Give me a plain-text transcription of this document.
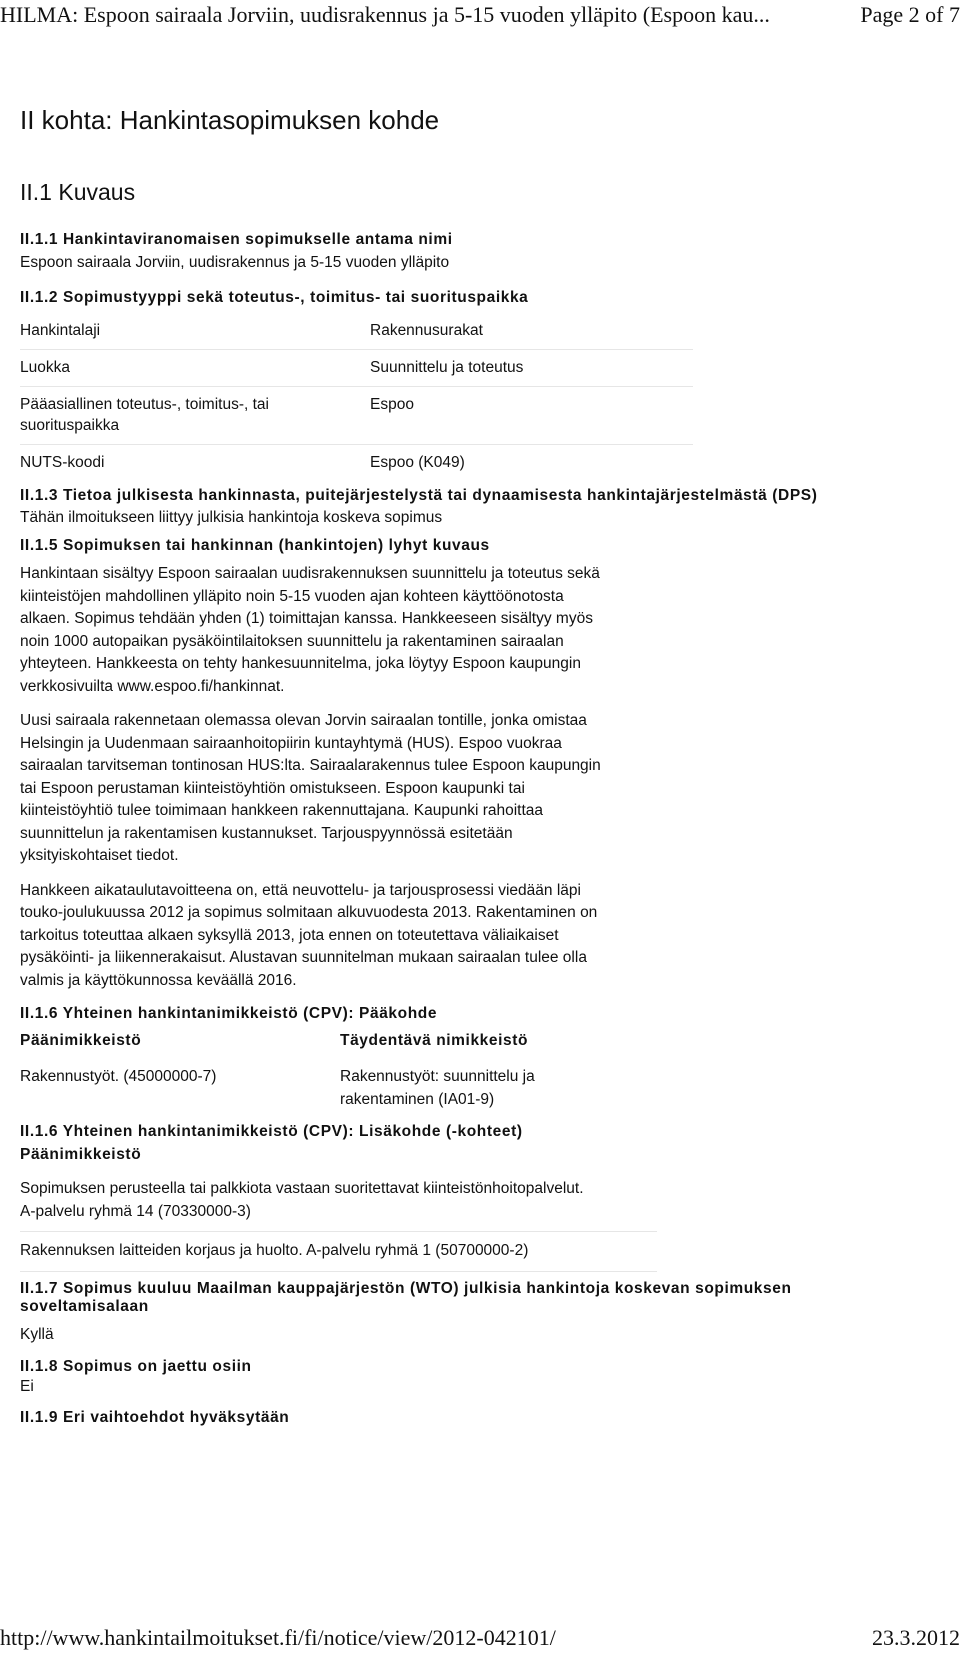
HILMA: Espoon sairaala Jorviin, uudisrakennus ja 5-15 vuoden ylläpito (Espoon kau...	Page 2 of 7
II kohta: Hankintasopimuksen kohde
II.1 Kuvaus

II.1.1 Hankintaviranomaisen sopimukselle antama nimi

Espoon sairaala Jorviin, uudisrakennus ja 5-15 vuoden ylläpito

II.1.2 Sopimustyyppi sekä toteutus-, toimitus- tai suorituspaikka

Hankintalaji	Rakennusurakat
Luokka	Suunnittelu ja toteutus
Pääasiallinen toteutus-, toimitus-, tai suorituspaikka	Espoo
NUTS-koodi	Espoo (K049)

II.1.3 Tietoa julkisesta hankinnasta, puitejärjestelystä tai dynaamisesta hankintajärjestelmästä (DPS)

Tähän ilmoitukseen liittyy julkisia hankintoja koskeva sopimus

II.1.5 Sopimuksen tai hankinnan (hankintojen) lyhyt kuvaus

Hankintaan sisältyy Espoon sairaalan uudisrakennuksen suunnittelu ja toteutus sekä
kiinteistöjen mahdollinen ylläpito noin 5-15 vuoden ajan kohteen käyttöönotosta
alkaen. Sopimus tehdään yhden (1) toimittajan kanssa. Hankkeeseen sisältyy myös
noin 1000 autopaikan pysäköintilaitoksen suunnittelu ja rakentaminen sairaalan
yhteyteen. Hankkeesta on tehty hankesuunnitelma, joka löytyy Espoon kaupungin
verkkosivuilta www.espoo.fi/hankinnat.
Uusi sairaala rakennetaan olemassa olevan Jorvin sairaalan tontille, jonka omistaa
Helsingin ja Uudenmaan sairaanhoitopiirin kuntayhtymä (HUS). Espoo vuokraa
sairaalan tarvitseman tontinosan HUS:lta. Sairaalarakennus tulee Espoon kaupungin
tai Espoon perustaman kiinteistöyhtiön omistukseen. Espoon kaupunki tai
kiinteistöyhtiö tulee toimimaan hankkeen rakennuttajana. Kaupunki rahoittaa
suunnittelun ja rakentamisen kustannukset. Tarjouspyynnössä esitetään
yksityiskohtaiset tiedot.
Hankkeen aikataulutavoitteena on, että neuvottelu- ja tarjousprosessi viedään läpi
touko-joulukuussa 2012 ja sopimus solmitaan alkuvuodesta 2013. Rakentaminen on
tarkoitus toteuttaa alkaen syksyllä 2013, jota ennen on toteutettava väliaikaiset
pysäköinti- ja liikennerakaisut. Alustavan suunnitelman mukaan sairaalan tulee olla
valmis ja käyttökunnossa keväällä 2016.

II.1.6 Yhteinen hankintanimikkeistö (CPV): Pääkohde

Päänimikkeistö	Täydentävä nimikkeistö
Rakennustyöt. (45000000-7)	Rakennustyöt: suunnittelu ja
rakentaminen (IA01-9)

II.1.6 Yhteinen hankintanimikkeistö (CPV): Lisäkohde (-kohteet)

Päänimikkeistö

Sopimuksen perusteella tai palkkiota vastaan suoritettavat kiinteistönhoitopalvelut.
A-palvelu ryhmä 14 (70330000-3)
Rakennuksen laitteiden korjaus ja huolto. A-palvelu ryhmä 1 (50700000-2)

II.1.7 Sopimus kuuluu Maailman kauppajärjestön (WTO) julkisia hankintoja koskevan sopimuksen
soveltamisalaan

Kyllä

II.1.8 Sopimus on jaettu osiin

Ei

II.1.9 Eri vaihtoehdot hyväksytään

http://www.hankintailmoitukset.fi/fi/notice/view/2012-042101/	23.3.2012
